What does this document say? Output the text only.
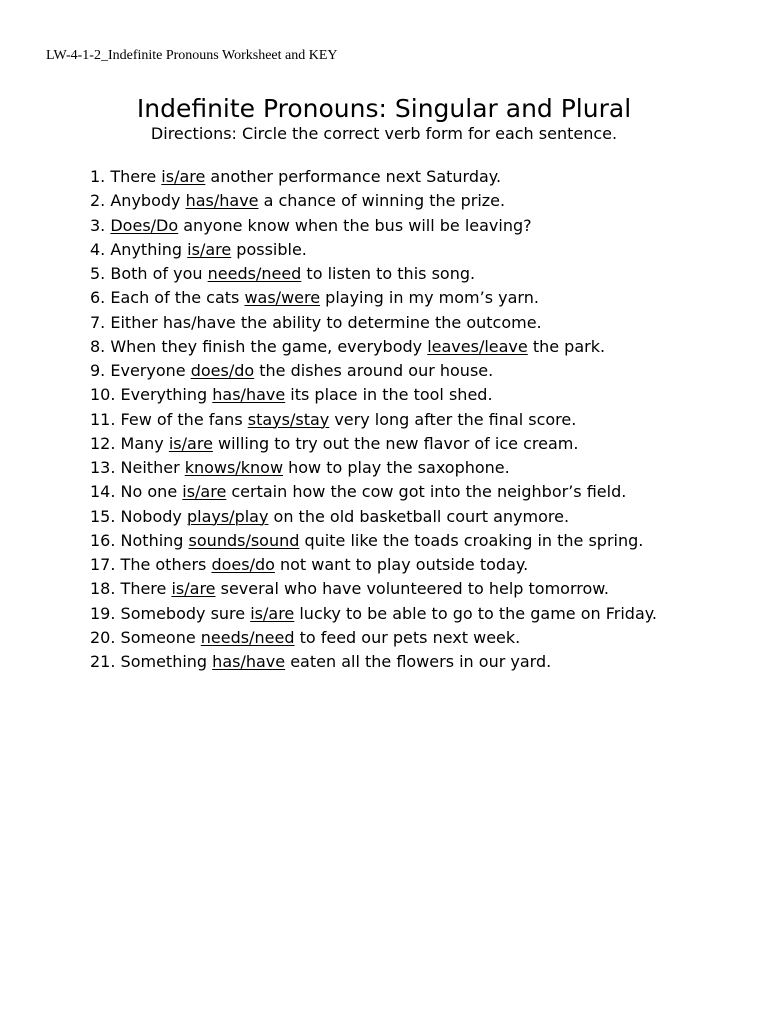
LW-4-1-2_Indefinite Pronouns Worksheet and KEY
Indefinite Pronouns: Singular and Plural
Directions: Circle the correct verb form for each sentence.
1. There is/are another performance next Saturday.
2. Anybody has/have a chance of winning the prize.
3. Does/Do anyone know when the bus will be leaving?
4. Anything is/are possible.
5. Both of you needs/need to listen to this song.
6. Each of the cats was/were playing in my mom’s yarn.
7. Either has/have the ability to determine the outcome.
8. When they finish the game, everybody leaves/leave the park.
9. Everyone does/do the dishes around our house.
10. Everything has/have its place in the tool shed.
11. Few of the fans stays/stay very long after the final score.
12. Many is/are willing to try out the new flavor of ice cream.
13. Neither knows/know how to play the saxophone.
14. No one is/are certain how the cow got into the neighbor’s field.
15. Nobody plays/play on the old basketball court anymore.
16. Nothing sounds/sound quite like the toads croaking in the spring.
17. The others does/do not want to play outside today.
18. There is/are several who have volunteered to help tomorrow.
19. Somebody sure is/are lucky to be able to go to the game on Friday.
20. Someone needs/need to feed our pets next week.
21. Something has/have eaten all the flowers in our yard.
